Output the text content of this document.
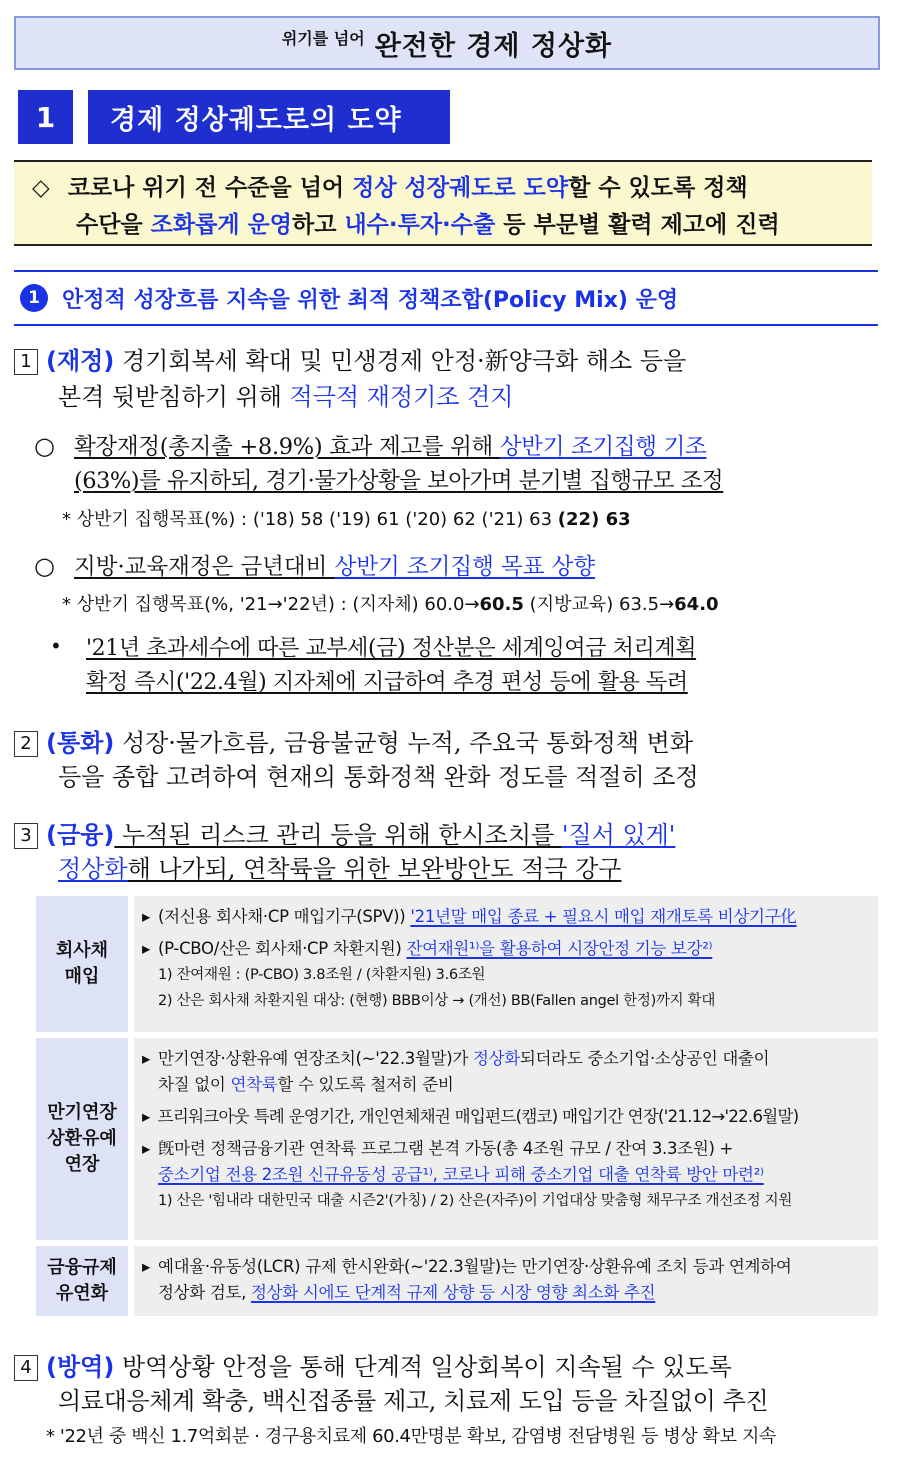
위기를 넘어 완전한 경제 정상화
1	경제 정상궤도로의 도약
◇ 코로나 위기 전 수준을 넘어 정상 성장궤도로 도약할 수 있도록 정책
수단을 조화롭게 운영하고 내수·투자·수출 등 부문별 활력 제고에 진력
1	안정적 성장흐름 지속을 위한 최적 정책조합(Policy Mix) 운영
1 (재정) 경기회복세 확대 및 민생경제 안정·新양극화 해소 등을
본격 뒷받침하기 위해 적극적 재정기조 견지
○ 확장재정(총지출 +8.9%) 효과 제고를 위해 상반기 조기집행 기조
(63%)를 유지하되, 경기·물가상황을 보아가며 분기별 집행규모 조정
* 상반기 집행목표(%) : ('18) 58 ('19) 61 ('20) 62 ('21) 63 (22) 63
○ 지방·교육재정은 금년대비 상반기 조기집행 목표 상향
* 상반기 집행목표(%, '21→'22년) : (지자체) 60.0→60.5 (지방교육) 63.5→64.0
• '21년 초과세수에 따른 교부세(금) 정산분은 세계잉여금 처리계획
확정 즉시('22.4월) 지자체에 지급하여 추경 편성 등에 활용 독려
2 (통화) 성장·물가흐름, 금융불균형 누적, 주요국 통화정책 변화
등을 종합 고려하여 현재의 통화정책 완화 정도를 적절히 조정
3 (금융) 누적된 리스크 관리 등을 위해 한시조치를 '질서 있게'
정상화해 나가되, 연착륙을 위한 보완방안도 적극 강구
회사채
매입
▸ (저신용 회사채·CP 매입기구(SPV)) '21년말 매입 종료 + 필요시 매입 재개토록 비상기구化
▸ (P-CBO/산은 회사채·CP 차환지원) 잔여재원¹⁾을 활용하여 시장안정 기능 보강²⁾
1) 잔여재원 : (P-CBO) 3.8조원 / (차환지원) 3.6조원
2) 산은 회사채 차환지원 대상: (현행) BBB이상 → (개선) BB(Fallen angel 한정)까지 확대
만기연장
상환유예
연장
▸ 만기연장·상환유예 연장조치(~'22.3월말)가 정상화되더라도 중소기업·소상공인 대출이
차질 없이 연착륙할 수 있도록 철저히 준비
▸ 프리워크아웃 특례 운영기간, 개인연체채권 매입펀드(캠코) 매입기간 연장('21.12→'22.6월말)
▸ 旣마련 정책금융기관 연착륙 프로그램 본격 가동(총 4조원 규모 / 잔여 3.3조원) +
중소기업 전용 2조원 신규유동성 공급¹⁾, 코로나 피해 중소기업 대출 연착륙 방안 마련²⁾
1) 산은 '힘내라 대한민국 대출 시즌2'(가칭) / 2) 산은(자주)이 기업대상 맞춤형 채무구조 개선조정 지원
금융규제
유연화
▸ 예대율·유동성(LCR) 규제 한시완화(~'22.3월말)는 만기연장·상환유예 조치 등과 연계하여
정상화 검토, 정상화 시에도 단계적 규제 상향 등 시장 영향 최소화 추진
4 (방역) 방역상황 안정을 통해 단계적 일상회복이 지속될 수 있도록
의료대응체계 확충, 백신접종률 제고, 치료제 도입 등을 차질없이 추진
* '22년 중 백신 1.7억회분 · 경구용치료제 60.4만명분 확보, 감염병 전담병원 등 병상 확보 지속
